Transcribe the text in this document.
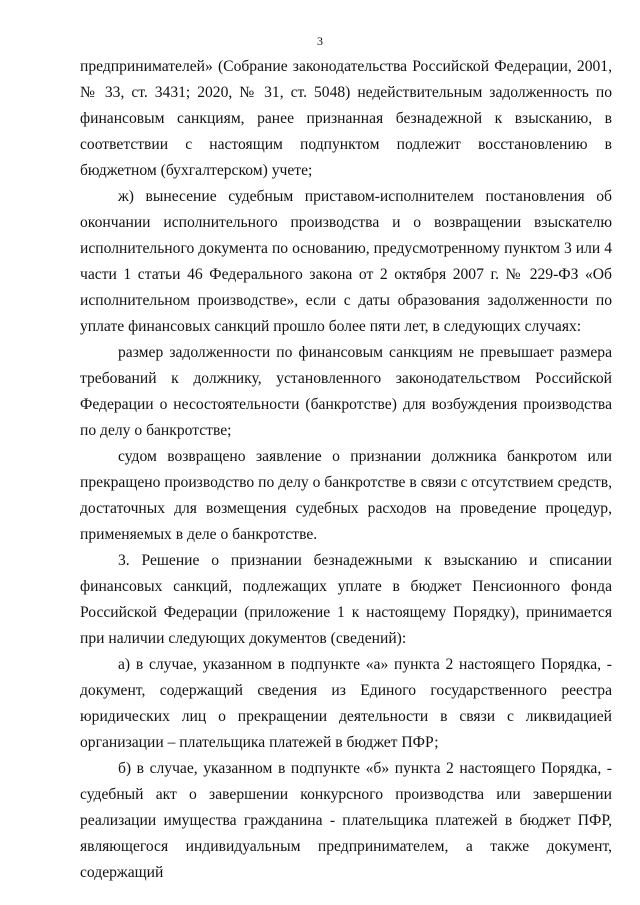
3

предпринимателей» (Собрание законодательства Российской Федерации, 2001, № 33, ст. 3431; 2020, № 31, ст. 5048) недействительным задолженность по финансовым санкциям, ранее признанная безнадежной к взысканию, в соответствии с настоящим подпунктом подлежит восстановлению в бюджетном (бухгалтерском) учете;

ж) вынесение судебным приставом-исполнителем постановления об окончании исполнительного производства и о возвращении взыскателю исполнительного документа по основанию, предусмотренному пунктом 3 или 4 части 1 статьи 46 Федерального закона от 2 октября 2007 г. № 229-ФЗ «Об исполнительном производстве», если с даты образования задолженности по уплате финансовых санкций прошло более пяти лет, в следующих случаях:

размер задолженности по финансовым санкциям не превышает размера требований к должнику, установленного законодательством Российской Федерации о несостоятельности (банкротстве) для возбуждения производства по делу о банкротстве;

судом возвращено заявление о признании должника банкротом или прекращено производство по делу о банкротстве в связи с отсутствием средств, достаточных для возмещения судебных расходов на проведение процедур, применяемых в деле о банкротстве.

3. Решение о признании безнадежными к взысканию и списании финансовых санкций, подлежащих уплате в бюджет Пенсионного фонда Российской Федерации (приложение 1 к настоящему Порядку), принимается при наличии следующих документов (сведений):

а) в случае, указанном в подпункте «а» пункта 2 настоящего Порядка, - документ, содержащий сведения из Единого государственного реестра юридических лиц о прекращении деятельности в связи с ликвидацией организации – плательщика платежей в бюджет ПФР;

б) в случае, указанном в подпункте «б» пункта 2 настоящего Порядка, - судебный акт о завершении конкурсного производства или завершении реализации имущества гражданина - плательщика платежей в бюджет ПФР, являющегося индивидуальным предпринимателем, а также документ, содержащий
